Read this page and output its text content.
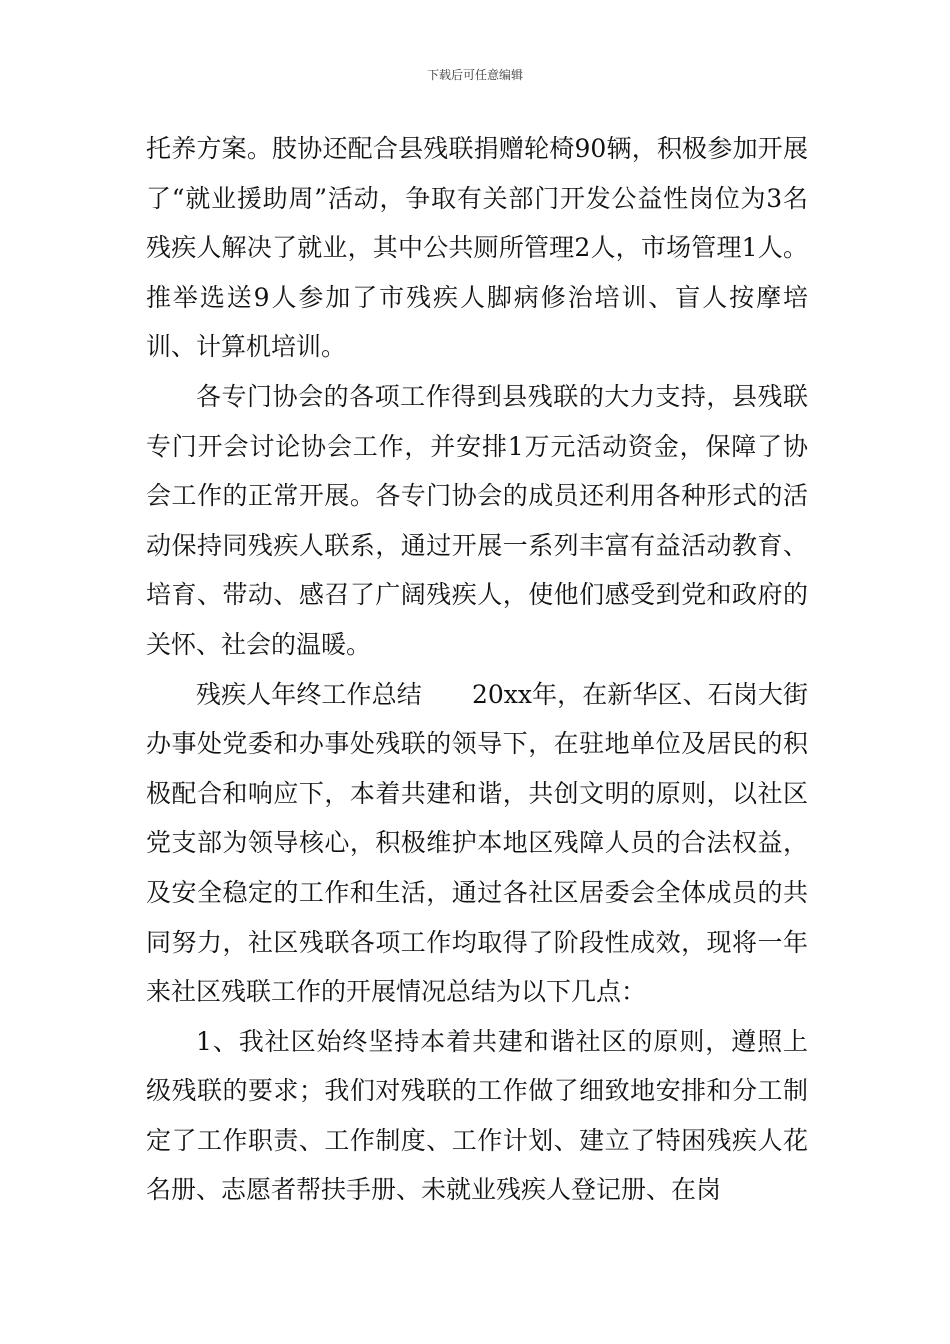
下载后可任意编辑

托养方案。肢协还配合县残联捐赠轮椅90辆，积极参加开展了“就业援助周”活动，争取有关部门开发公益性岗位为3名残疾人解决了就业，其中公共厕所管理2人，市场管理1人。推举选送9人参加了市残疾人脚病修治培训、盲人按摩培训、计算机培训。

各专门协会的各项工作得到县残联的大力支持，县残联专门开会讨论协会工作，并安排1万元活动资金，保障了协会工作的正常开展。各专门协会的成员还利用各种形式的活动保持同残疾人联系，通过开展一系列丰富有益活动教育、培育、带动、感召了广阔残疾人，使他们感受到党和政府的关怀、社会的温暖。

残疾人年终工作总结　　20xx年，在新华区、石岗大街办事处党委和办事处残联的领导下，在驻地单位及居民的积极配合和响应下，本着共建和谐，共创文明的原则，以社区党支部为领导核心，积极维护本地区残障人员的合法权益，及安全稳定的工作和生活，通过各社区居委会全体成员的共同努力，社区残联各项工作均取得了阶段性成效，现将一年来社区残联工作的开展情况总结为以下几点：

1、我社区始终坚持本着共建和谐社区的原则，遵照上级残联的要求；我们对残联的工作做了细致地安排和分工制定了工作职责、工作制度、工作计划、建立了特困残疾人花名册、志愿者帮扶手册、未就业残疾人登记册、在岗
